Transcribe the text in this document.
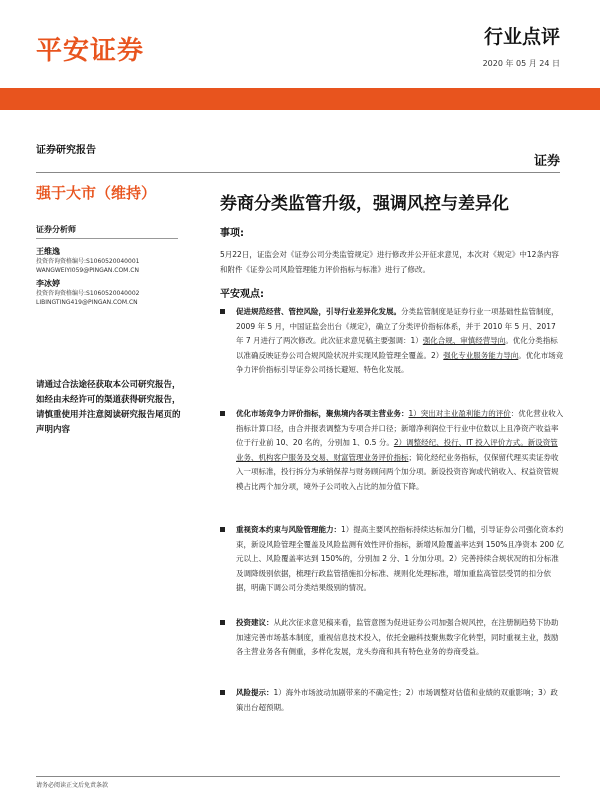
平安证券	行业点评
2020 年 05 月 24 日
证券研究报告
证券
强于大市（维持）
证券分析师
王维逸
投资咨询资格编号:S1060520040001
WANGWEIYI059@PINGAN.COM.CN
李冰婷
投资咨询资格编号:S1060520040002
LIBINGTING419@PINGAN.COM.CN
请通过合法途径获取本公司研究报告，如经由未经许可的渠道获得研究报告，请慎重使用并注意阅读研究报告尾页的声明内容
券商分类监管升级，强调风控与差异化
事项:
5月22日，证监会对《证券公司分类监管规定》进行修改并公开征求意见，本次对《规定》中12条内容和附件《证券公司风险管理能力评价指标与标准》进行了修改。
平安观点:
促进规范经营、管控风险，引导行业差异化发展。分类监管制度是证券行业一项基础性监管制度，2009 年 5 月，中国证监会出台《规定》，确立了分类评价指标体系，并于 2010 年 5 月、2017 年 7 月进行了两次修改。此次征求意见稿主要强调：1）强化合规、审慎经营导向。优化分类指标以准确反映证券公司合规风险状况并实现风险管理全覆盖。2）强化专业服务能力导向。优化市场竞争力评价指标引导证券公司扬长避短、特色化发展。
优化市场竞争力评价指标，聚焦境内各项主营业务：1）突出对主业盈利能力的评价：优化营业收入指标计算口径，由合并报表调整为专项合并口径；新增净利润位于行业中位数以上且净资产收益率位于行业前 10、20 名的，分别加 1、0.5 分。2）调整经纪、投行、IT 投入评价方式。新设资管业务、机构客户服务及交易、财富管理业务评价指标；简化经纪业务指标，仅保留代理买卖证券收入一项标准，投行拆分为承销保荐与财务顾问两个加分项。新设投资咨询或代销收入、权益资管规模占比两个加分项，境外子公司收入占比的加分值下降。
重视资本约束与风险管理能力：1）提高主要风控指标持续达标加分门槛，引导证券公司强化资本约束，新设风险管理全覆盖及风险监测有效性评价指标，新增风险覆盖率达到 150%且净资本 200 亿元以上、风险覆盖率达到 150%的，分别加 2 分、1 分加分项。2）完善持续合规状况的扣分标准及调降级别依据，梳理行政监管措施扣分标准、规则化处理标准，增加重监高管层受罚的扣分依据，明确下调公司分类结果级别的情况。
投资建议：从此次征求意见稿来看，监管意图为促进证券公司加强合规风控，在注册制趋势下协助加速完善市场基本制度，重视信息技术投入，依托金融科技聚焦数字化转型，同时重视主业，鼓励各主营业务各有侧重，多样化发展，龙头券商和具有特色业务的券商受益。
风险提示：1）海外市场波动加剧带来的不确定性；2）市场调整对估值和业绩的双重影响；3）政策出台超预期。
请务必阅读正文后免责条款
